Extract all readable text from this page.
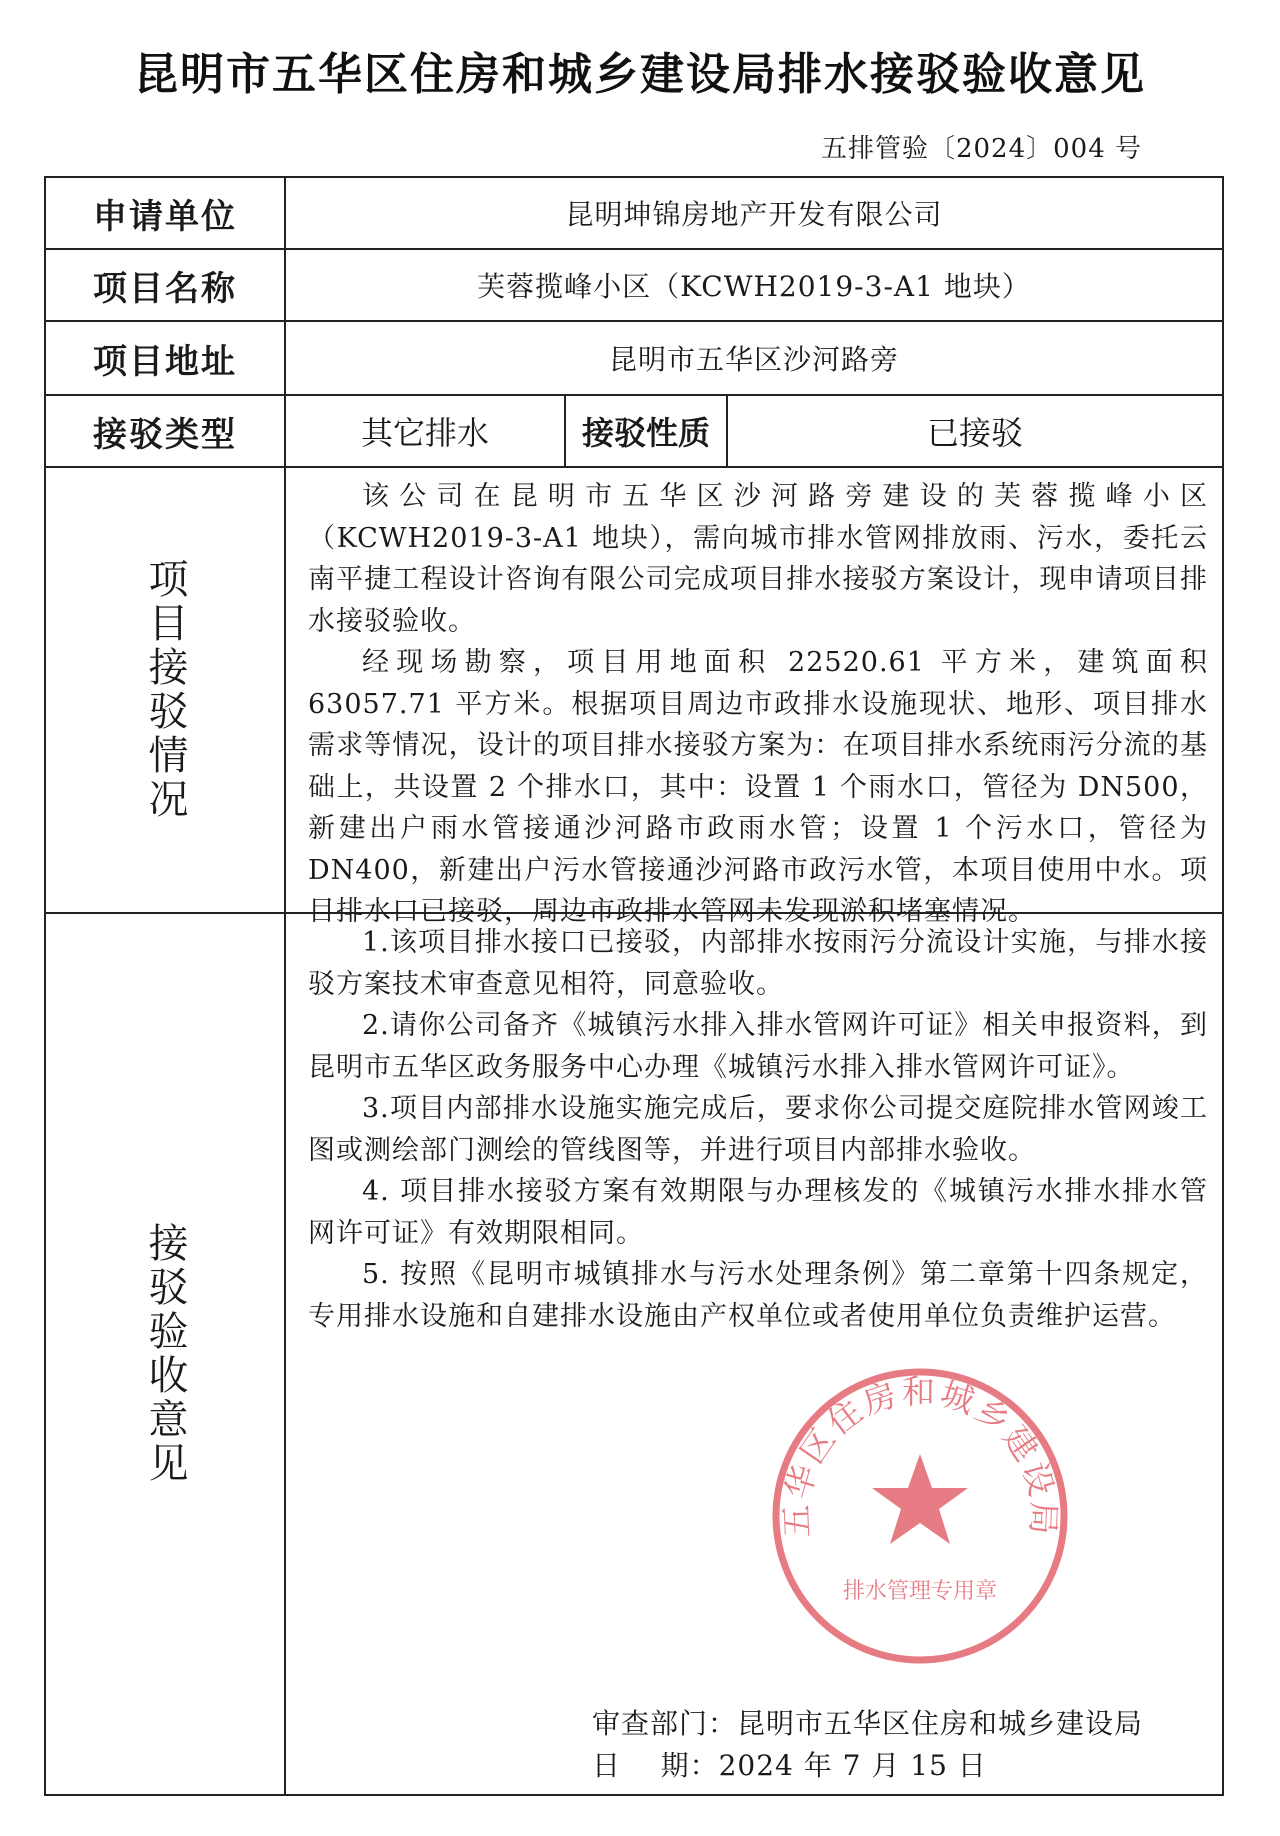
昆明市五华区住房和城乡建设局排水接驳验收意见
五排管验〔2024〕004 号
申请单位	昆明坤锦房地产开发有限公司
项目名称	芙蓉揽峰小区（KCWH2019-3-A1 地块）
项目地址	昆明市五华区沙河路旁
接驳类型	其它排水	接驳性质	已接驳
项目接驳情况

该公司在昆明市五华区沙河路旁建设的芙蓉揽峰小区（KCWH2019-3-A1 地块），需向城市排水管网排放雨、污水，委托云南平捷工程设计咨询有限公司完成项目排水接驳方案设计，现申请项目排水接驳验收。

经现场勘察，项目用地面积 22520.61 平方米，建筑面积 63057.71 平方米。根据项目周边市政排水设施现状、地形、项目排水需求等情况，设计的项目排水接驳方案为：在项目排水系统雨污分流的基础上，共设置 2 个排水口，其中：设置 1 个雨水口，管径为 DN500，新建出户雨水管接通沙河路市政雨水管；设置 1 个污水口，管径为 DN400，新建出户污水管接通沙河路市政污水管，本项目使用中水。项目排水口已接驳，周边市政排水管网未发现淤积堵塞情况。

接驳验收意见

1.该项目排水接口已接驳，内部排水按雨污分流设计实施，与排水接驳方案技术审查意见相符，同意验收。

2.请你公司备齐《城镇污水排入排水管网许可证》相关申报资料，到昆明市五华区政务服务中心办理《城镇污水排入排水管网许可证》。

3.项目内部排水设施实施完成后，要求你公司提交庭院排水管网竣工图或测绘部门测绘的管线图等，并进行项目内部排水验收。

4. 项目排水接驳方案有效期限与办理核发的《城镇污水排水排水管网许可证》有效期限相同。

5. 按照《昆明市城镇排水与污水处理条例》第二章第十四条规定，专用排水设施和自建排水设施由产权单位或者使用单位负责维护运营。

五华区住房和城乡建设局
排水管理专用章
审查部门：昆明市五华区住房和城乡建设局
日    期：2024 年 7 月 15 日
